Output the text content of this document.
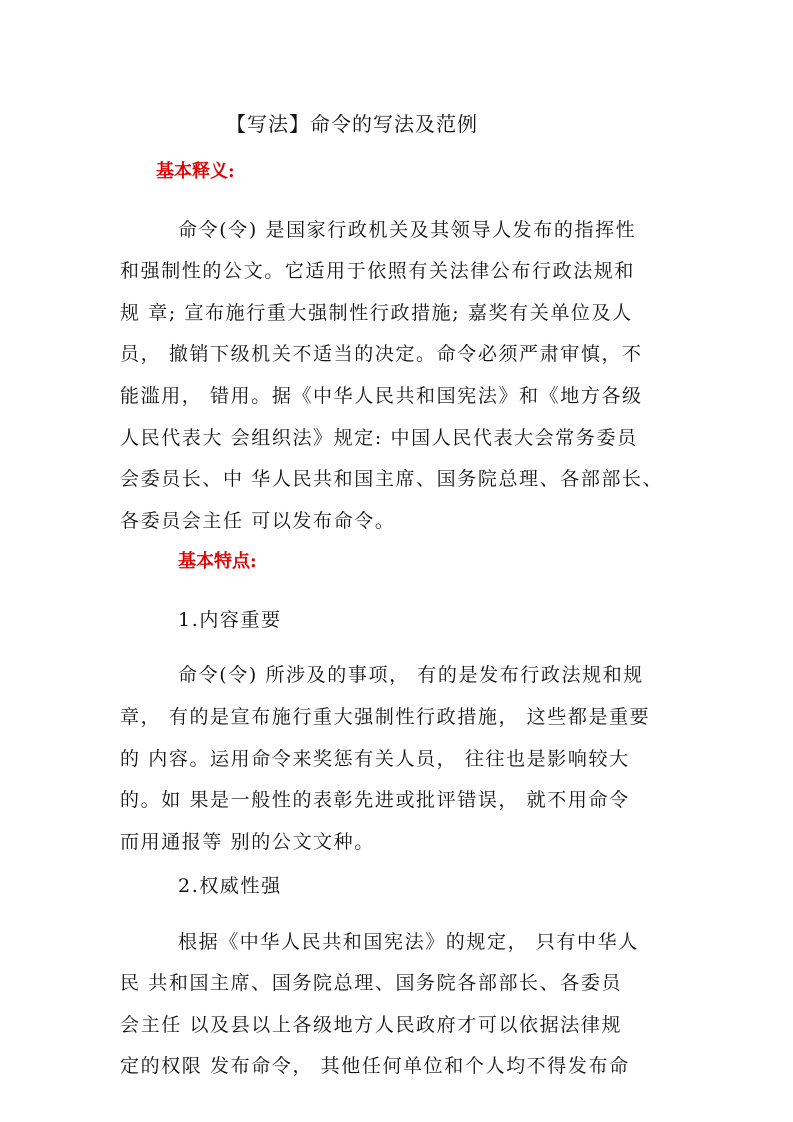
【写法】命令的写法及范例
基本释义:
命令(令) 是国家行政机关及其领导人发布的指挥性
和强制性的公文。它适用于依照有关法律公布行政法规和
规 章; 宣布施行重大强制性行政措施; 嘉奖有关单位及人
员， 撤销下级机关不适当的决定。命令必须严肃审慎，不
能滥用， 错用。据《中华人民共和国宪法》和《地方各级
人民代表大 会组织法》规定: 中国人民代表大会常务委员
会委员长、中 华人民共和国主席、国务院总理、各部部长、
各委员会主任 可以发布命令。
基本特点:
1.内容重要
命令(令) 所涉及的事项， 有的是发布行政法规和规
章， 有的是宣布施行重大强制性行政措施， 这些都是重要
的 内容。运用命令来奖惩有关人员， 往往也是影响较大
的。如 果是一般性的表彰先进或批评错误， 就不用命令
而用通报等 别的公文文种。
2.权威性强
根据《中华人民共和国宪法》的规定， 只有中华人
民 共和国主席、国务院总理、国务院各部部长、各委员
会主任 以及县以上各级地方人民政府才可以依据法律规
定的权限 发布命令， 其他任何单位和个人均不得发布命
